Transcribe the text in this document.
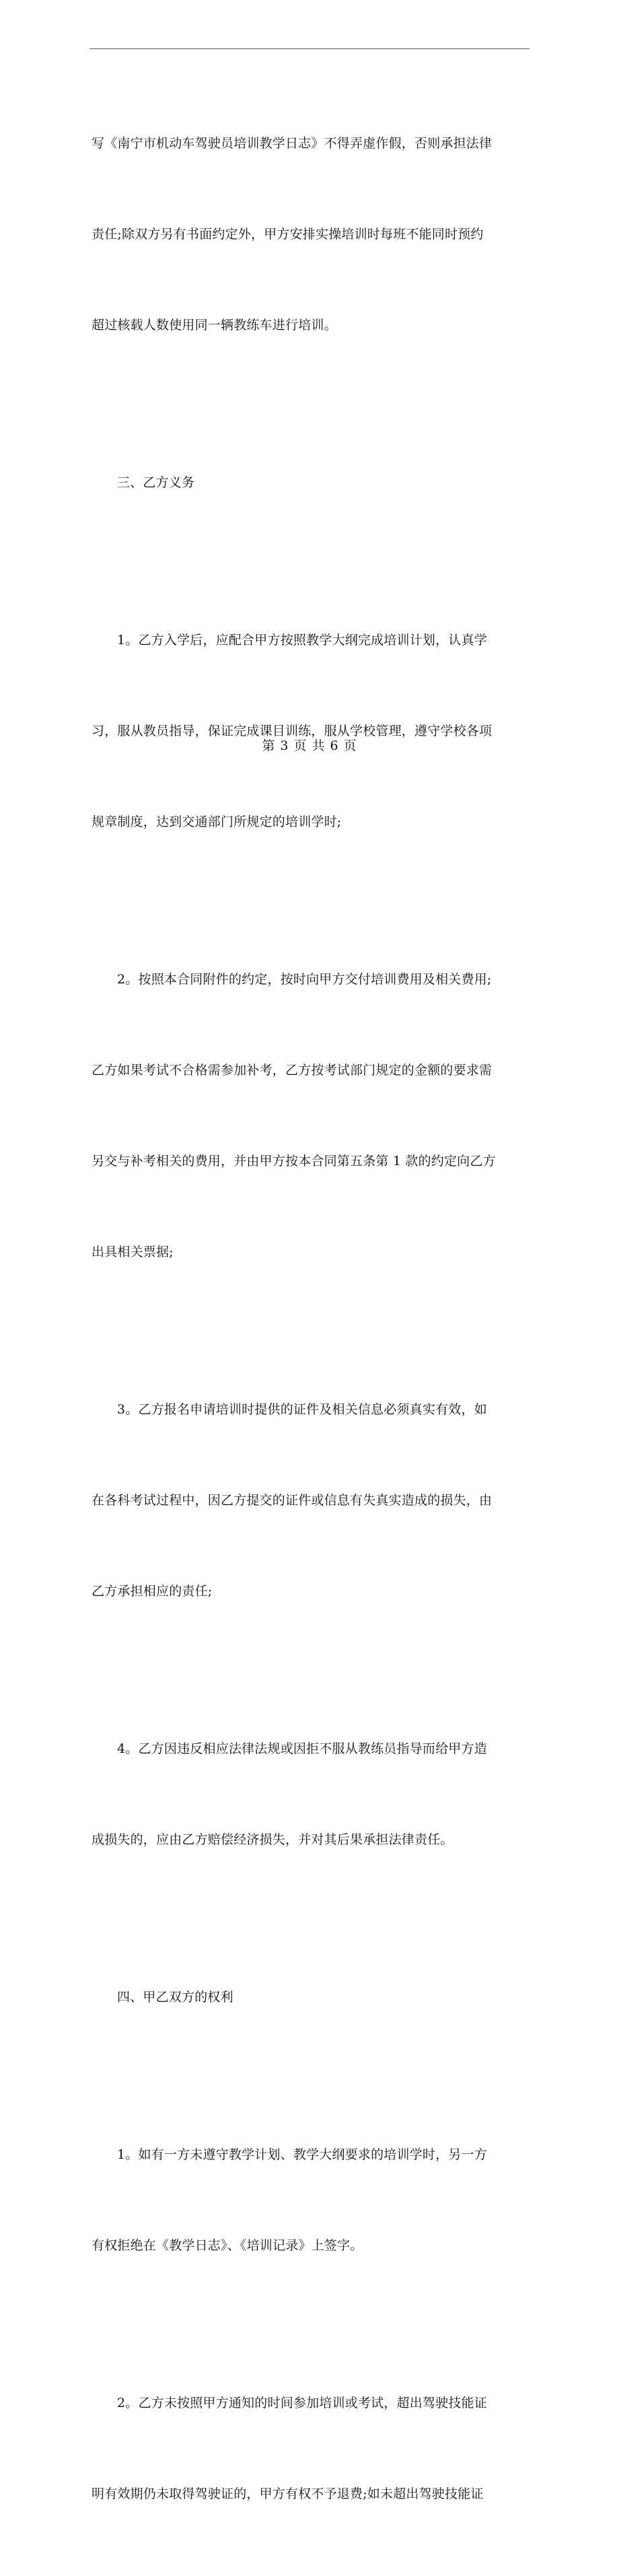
写《南宁市机动车驾驶员培训教学日志》不得弄虚作假，否则承担法律

责任;除双方另有书面约定外，甲方安排实操培训时每班不能同时预约

超过核载人数使用同一辆教练车进行培训。

三、乙方义务

1。乙方入学后，应配合甲方按照教学大纲完成培训计划，认真学

习，服从教员指导，保证完成课目训练，服从学校管理，遵守学校各项

规章制度，达到交通部门所规定的培训学时;

2。按照本合同附件的约定，按时向甲方交付培训费用及相关费用;

乙方如果考试不合格需参加补考，乙方按考试部门规定的金额的要求需

另交与补考相关的费用，并由甲方按本合同第五条第 1 款的约定向乙方

出具相关票据;

3。乙方报名申请培训时提供的证件及相关信息必须真实有效，如

在各科考试过程中，因乙方提交的证件或信息有失真实造成的损失，由

乙方承担相应的责任;

4。乙方因违反相应法律法规或因拒不服从教练员指导而给甲方造

成损失的，应由乙方赔偿经济损失，并对其后果承担法律责任。

四、甲乙双方的权利

1。如有一方未遵守教学计划、教学大纲要求的培训学时，另一方

有权拒绝在《教学日志》、《培训记录》上签字。

2。乙方未按照甲方通知的时间参加培训或考试，超出驾驶技能证

明有效期仍未取得驾驶证的，甲方有权不予退费;如未超出驾驶技能证

第 3 页 共 6 页
